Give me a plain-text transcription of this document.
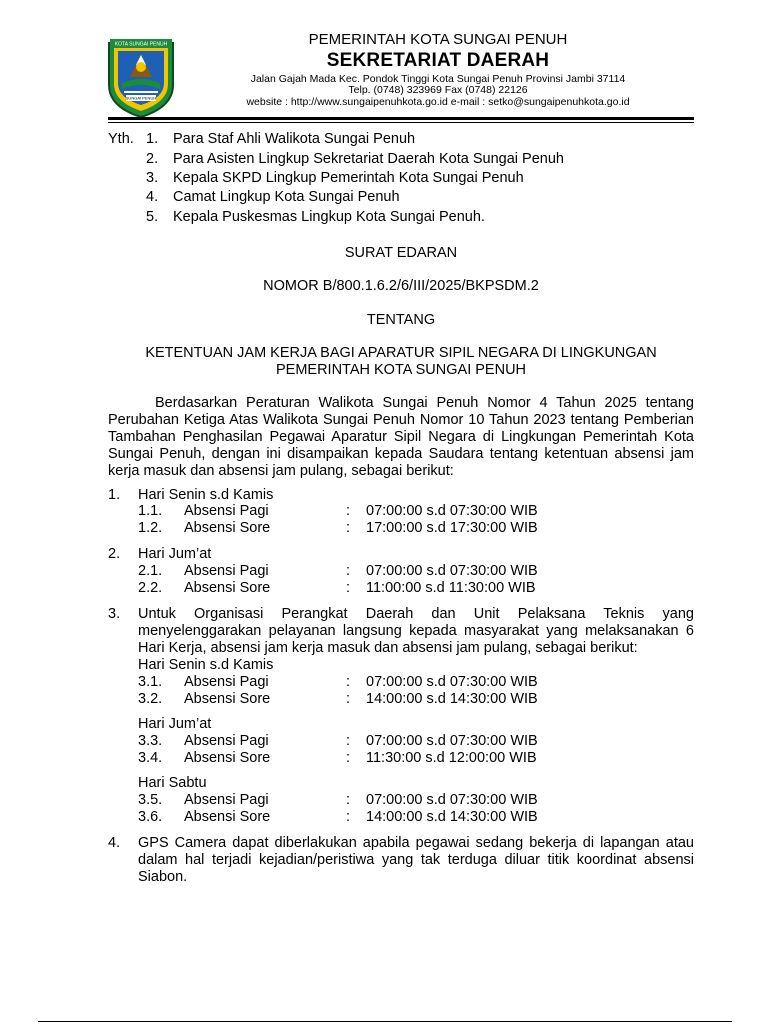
KOTA SUNGAI PENUH
SUNGAI PENUH
PEMERINTAH KOTA SUNGAI PENUH
SEKRETARIAT DAERAH
Jalan Gajah Mada Kec. Pondok Tinggi Kota Sungai Penuh Provinsi Jambi 37114
Telp. (0748) 323969 Fax (0748) 22126
website : http://www.sungaipenuhkota.go.id e-mail : setko@sungaipenuhkota.go.id
Yth. 1. Para Staf Ahli Walikota Sungai Penuh
2. Para Asisten Lingkup Sekretariat Daerah Kota Sungai Penuh
3. Kepala SKPD Lingkup Pemerintah Kota Sungai Penuh
4. Camat Lingkup Kota Sungai Penuh
5. Kepala Puskesmas Lingkup Kota Sungai Penuh.
SURAT EDARAN
NOMOR B/800.1.6.2/6/III/2025/BKPSDM.2
TENTANG
KETENTUAN JAM KERJA BAGI APARATUR SIPIL NEGARA DI LINGKUNGAN
PEMERINTAH KOTA SUNGAI PENUH
Berdasarkan Peraturan Walikota Sungai Penuh Nomor 4 Tahun 2025 tentang Perubahan Ketiga Atas Walikota Sungai Penuh Nomor 10 Tahun 2023 tentang Pemberian Tambahan Penghasilan Pegawai Aparatur Sipil Negara di Lingkungan Pemerintah Kota Sungai Penuh, dengan ini disampaikan kepada Saudara tentang ketentuan absensi jam kerja masuk dan absensi jam pulang, sebagai berikut:
1. Hari Senin s.d Kamis
1.1. Absensi Pagi	: 07:00:00 s.d 07:30:00 WIB
1.2. Absensi Sore	: 17:00:00 s.d 17:30:00 WIB
2. Hari Jum’at
2.1. Absensi Pagi	: 07:00:00 s.d 07:30:00 WIB
2.2. Absensi Sore	: 11:00:00 s.d 11:30:00 WIB
3. Untuk Organisasi Perangkat Daerah dan Unit Pelaksana Teknis yang menyelenggarakan pelayanan langsung kepada masyarakat yang melaksanakan 6 Hari Kerja, absensi jam kerja masuk dan absensi jam pulang, sebagai berikut:
Hari Senin s.d Kamis
3.1. Absensi Pagi	: 07:00:00 s.d 07:30:00 WIB
3.2. Absensi Sore	: 14:00:00 s.d 14:30:00 WIB
Hari Jum’at
3.3. Absensi Pagi	: 07:00:00 s.d 07:30:00 WIB
3.4. Absensi Sore	: 11:30:00 s.d 12:00:00 WIB
Hari Sabtu
3.5. Absensi Pagi	: 07:00:00 s.d 07:30:00 WIB
3.6. Absensi Sore	: 14:00:00 s.d 14:30:00 WIB
4. GPS Camera dapat diberlakukan apabila pegawai sedang bekerja di lapangan atau dalam hal terjadi kejadian/peristiwa yang tak terduga diluar titik koordinat absensi Siabon.
